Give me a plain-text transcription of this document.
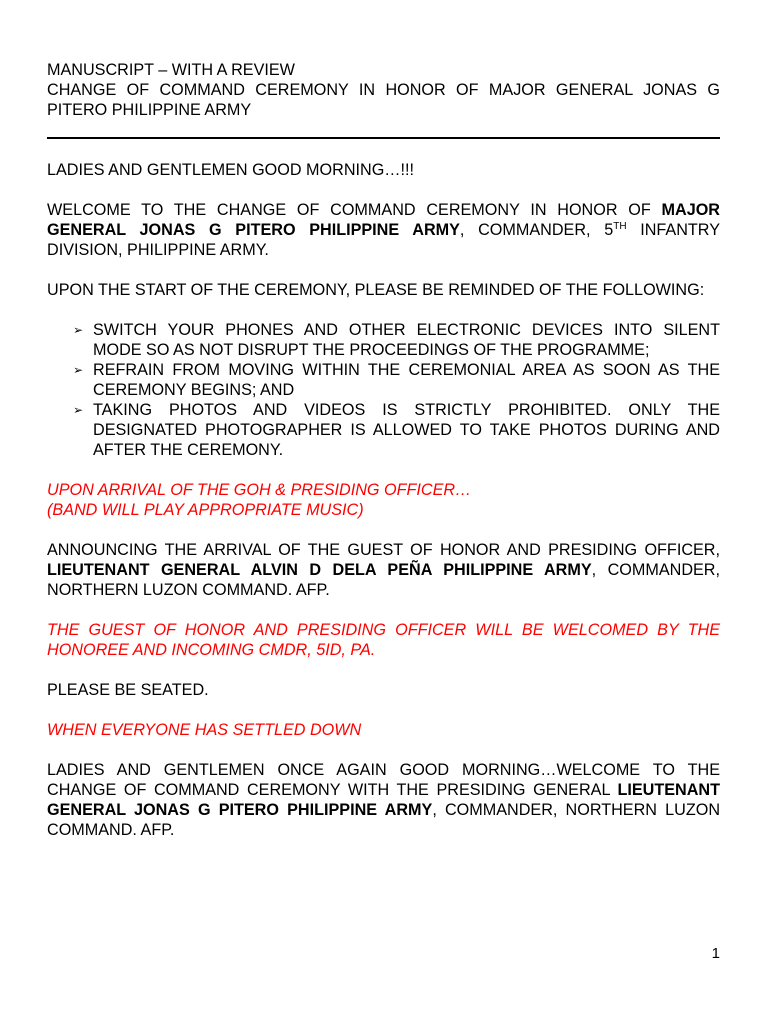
MANUSCRIPT – WITH A REVIEW

CHANGE OF COMMAND CEREMONY IN HONOR OF MAJOR GENERAL JONAS G PITERO PHILIPPINE ARMY

LADIES AND GENTLEMEN GOOD MORNING…!!!

WELCOME TO THE CHANGE OF COMMAND CEREMONY IN HONOR OF MAJOR GENERAL JONAS G PITERO PHILIPPINE ARMY, COMMANDER, 5TH INFANTRY DIVISION, PHILIPPINE ARMY.

UPON THE START OF THE CEREMONY, PLEASE BE REMINDED OF THE FOLLOWING:

➢ SWITCH YOUR PHONES AND OTHER ELECTRONIC DEVICES INTO SILENT MODE SO AS NOT DISRUPT THE PROCEEDINGS OF THE PROGRAMME;
➢ REFRAIN FROM MOVING WITHIN THE CEREMONIAL AREA AS SOON AS THE CEREMONY BEGINS; AND
➢ TAKING PHOTOS AND VIDEOS IS STRICTLY PROHIBITED. ONLY THE DESIGNATED PHOTOGRAPHER IS ALLOWED TO TAKE PHOTOS DURING AND AFTER THE CEREMONY.

UPON ARRIVAL OF THE GOH & PRESIDING OFFICER…

(BAND WILL PLAY APPROPRIATE MUSIC)

ANNOUNCING THE ARRIVAL OF THE GUEST OF HONOR AND PRESIDING OFFICER, LIEUTENANT GENERAL ALVIN D DELA PEÑA PHILIPPINE ARMY, COMMANDER, NORTHERN LUZON COMMAND. AFP.

THE GUEST OF HONOR AND PRESIDING OFFICER WILL BE WELCOMED BY THE HONOREE AND INCOMING CMDR, 5ID, PA.

PLEASE BE SEATED.

WHEN EVERYONE HAS SETTLED DOWN

LADIES AND GENTLEMEN ONCE AGAIN GOOD MORNING…WELCOME TO THE CHANGE OF COMMAND CEREMONY WITH THE PRESIDING GENERAL LIEUTENANT GENERAL JONAS G PITERO PHILIPPINE ARMY, COMMANDER, NORTHERN LUZON COMMAND. AFP.

1
